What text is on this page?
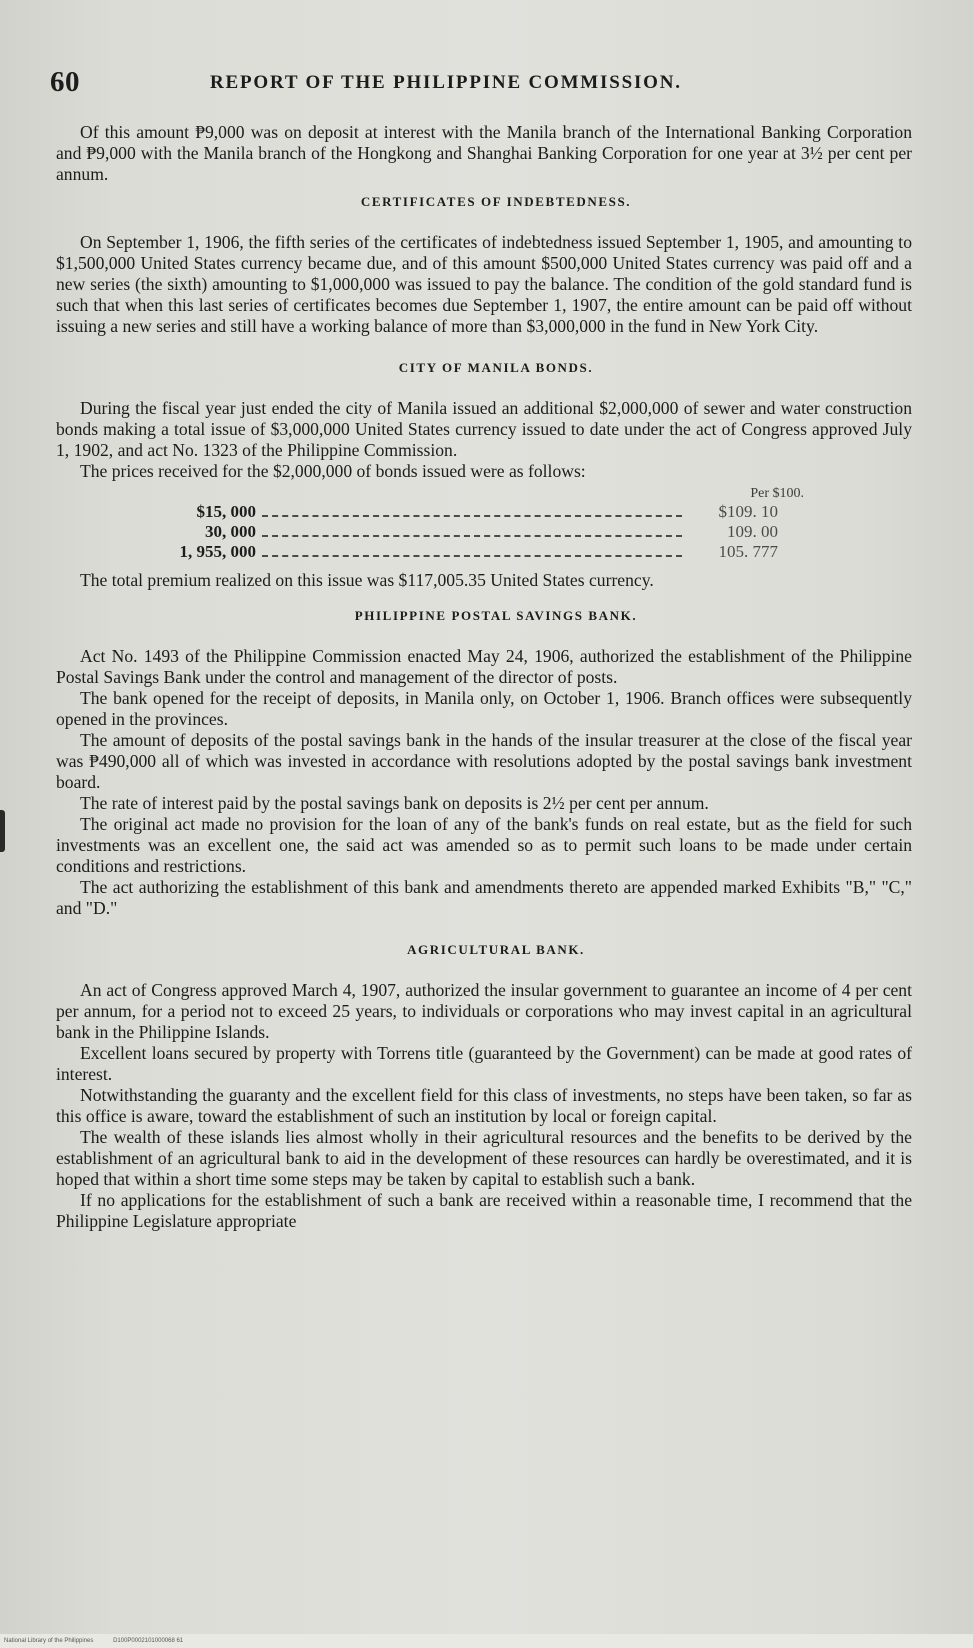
60	REPORT OF THE PHILIPPINE COMMISSION.

Of this amount ₱9,000 was on deposit at interest with the Manila branch of the International Banking Corporation and ₱9,000 with the Manila branch of the Hongkong and Shanghai Banking Corporation for one year at 3½ per cent per annum.

CERTIFICATES OF INDEBTEDNESS.

On September 1, 1906, the fifth series of the certificates of indebtedness issued September 1, 1905, and amounting to $1,500,000 United States currency became due, and of this amount $500,000 United States currency was paid off and a new series (the sixth) amounting to $1,000,000 was issued to pay the balance. The condition of the gold standard fund is such that when this last series of certificates becomes due September 1, 1907, the entire amount can be paid off without issuing a new series and still have a working balance of more than $3,000,000 in the fund in New York City.

CITY OF MANILA BONDS.

During the fiscal year just ended the city of Manila issued an additional $2,000,000 of sewer and water construction bonds making a total issue of $3,000,000 United States currency issued to date under the act of Congress approved July 1, 1902, and act No. 1323 of the Philippine Commission.

The prices received for the $2,000,000 of bonds issued were as follows:

Per $100.
$15, 000	$109. 10
30, 000	109. 00
1, 955, 000	105. 777

The total premium realized on this issue was $117,005.35 United States currency.

PHILIPPINE POSTAL SAVINGS BANK.

Act No. 1493 of the Philippine Commission enacted May 24, 1906, authorized the establishment of the Philippine Postal Savings Bank under the control and management of the director of posts.

The bank opened for the receipt of deposits, in Manila only, on October 1, 1906. Branch offices were subsequently opened in the provinces.

The amount of deposits of the postal savings bank in the hands of the insular treasurer at the close of the fiscal year was ₱490,000 all of which was invested in accordance with resolutions adopted by the postal savings bank investment board.

The rate of interest paid by the postal savings bank on deposits is 2½ per cent per annum.

The original act made no provision for the loan of any of the bank's funds on real estate, but as the field for such investments was an excellent one, the said act was amended so as to permit such loans to be made under certain conditions and restrictions.

The act authorizing the establishment of this bank and amendments thereto are appended marked Exhibits "B," "C," and "D."

AGRICULTURAL BANK.

An act of Congress approved March 4, 1907, authorized the insular government to guarantee an income of 4 per cent per annum, for a period not to exceed 25 years, to individuals or corporations who may invest capital in an agricultural bank in the Philippine Islands.

Excellent loans secured by property with Torrens title (guaranteed by the Government) can be made at good rates of interest.

Notwithstanding the guaranty and the excellent field for this class of investments, no steps have been taken, so far as this office is aware, toward the establishment of such an institution by local or foreign capital.

The wealth of these islands lies almost wholly in their agricultural resources and the benefits to be derived by the establishment of an agricultural bank to aid in the development of these resources can hardly be overestimated, and it is hoped that within a short time some steps may be taken by capital to establish such a bank.

If no applications for the establishment of such a bank are received within a reasonable time, I recommend that the Philippine Legislature appropriate

National Library of the Philippines	D100P0002101000068 61
